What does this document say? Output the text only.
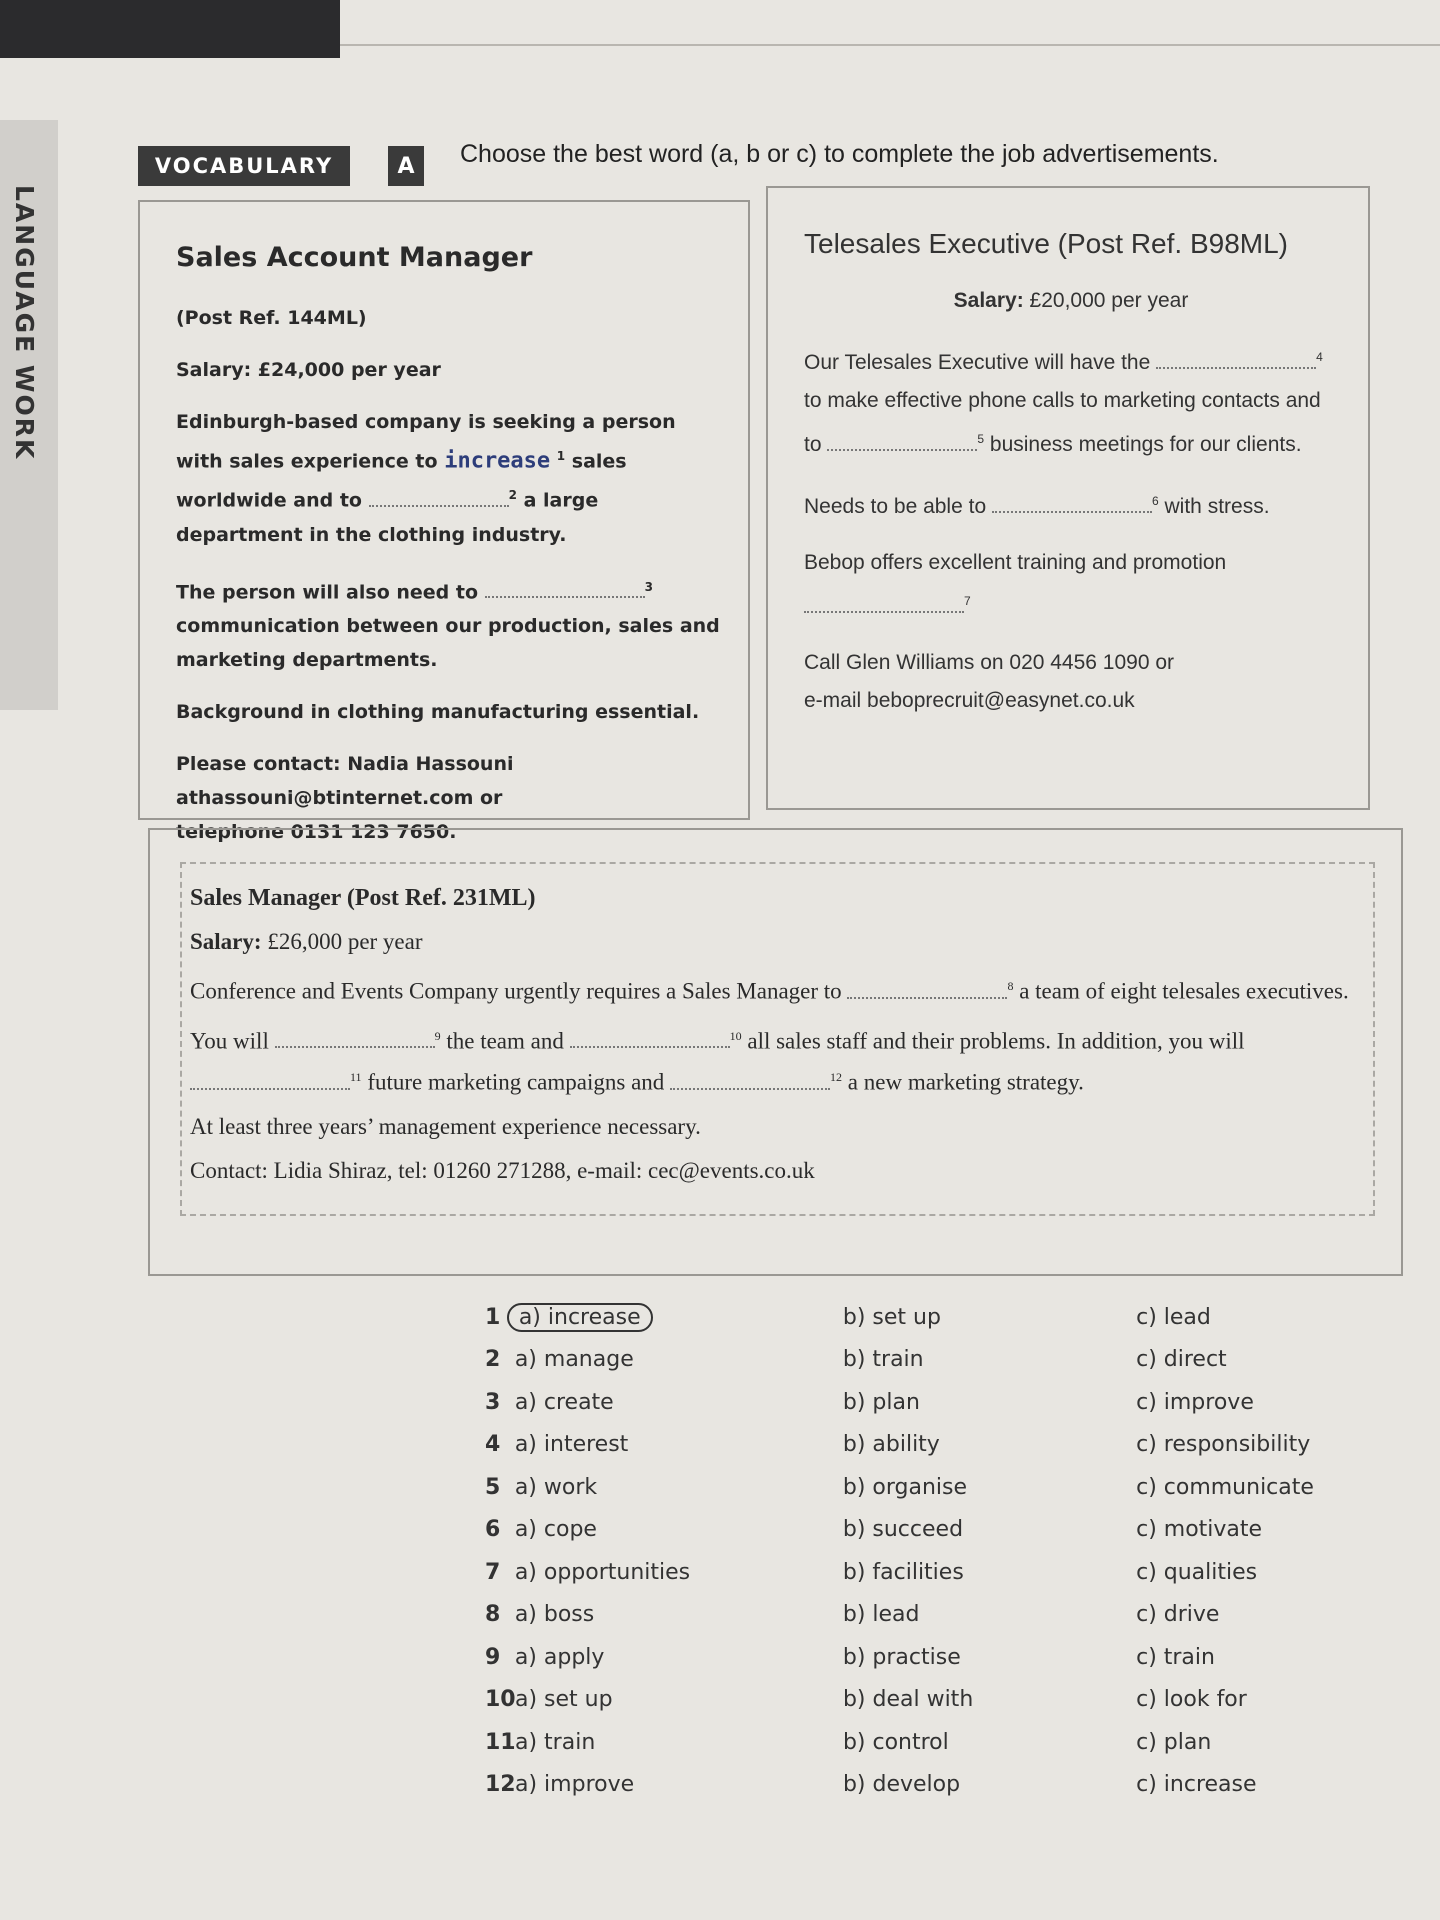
LANGUAGE WORK
VOCABULARY	A	Choose the best word (a, b or c) to complete the job advertisements.

Sales Account Manager

(Post Ref. 144ML)

Salary: £24,000 per year

Edinburgh-based company is seeking a person with sales experience to increase $^1$ sales worldwide and to	$^2$ a large department in the clothing industry.

The person will also need to	$^3$ communication between our production, sales and marketing departments.

Background in clothing manufacturing essential.

Please contact: Nadia Hassouni
athassouni@btinternet.com or
telephone 0131 123 7650.

Telesales Executive (Post Ref. B98ML)

Salary: £20,000 per year

Our Telesales Executive will have the	$^4$ to make effective phone calls to marketing contacts and to	$^5$ business meetings for our clients.

Needs to be able to	$^6$ with stress.

Bebop offers excellent training and promotion $^7$

Call Glen Williams on 020 4456 1090 or
e-mail beboprecruit@easynet.co.uk

Sales Manager (Post Ref. 231ML)

Salary: £26,000 per year

Conference and Events Company urgently requires a Sales Manager to	$^8$ a team of eight telesales executives.

You will	$^9$ the team and	$^{10}$ all sales staff and their problems. In addition, you will $^{11}$ future marketing campaigns and	$^{12}$ a new marketing strategy.

At least three years’ management experience necessary.

Contact: Lidia Shiraz, tel: 01260 271288, e-mail: cec@events.co.uk

1 a) increase	b) set up	c) lead
2 a) manage	b) train	c) direct
3 a) create	b) plan	c) improve
4 a) interest	b) ability	c) responsibility
5 a) work	b) organise	c) communicate
6 a) cope	b) succeed	c) motivate
7 a) opportunities	b) facilities	c) qualities
8 a) boss	b) lead	c) drive
9 a) apply	b) practise	c) train
10 a) set up	b) deal with	c) look for
11 a) train	b) control	c) plan
12 a) improve	b) develop	c) increase
